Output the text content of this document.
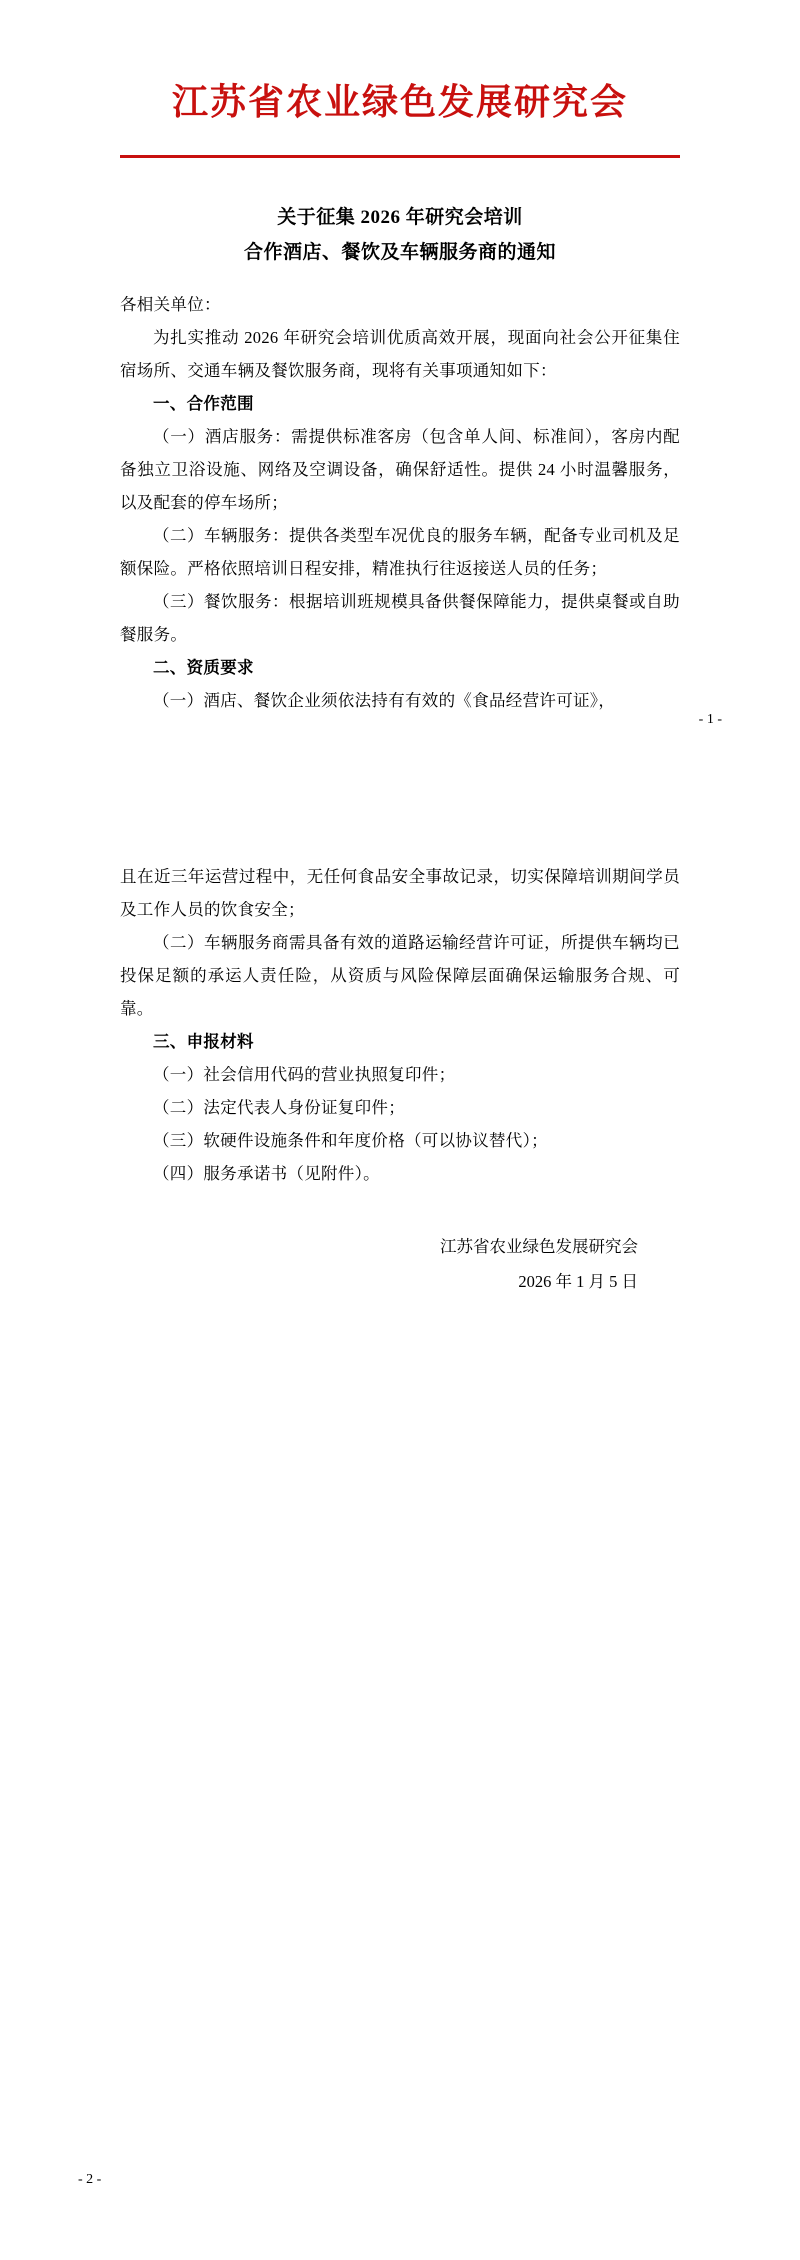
江苏省农业绿色发展研究会
关于征集 2026 年研究会培训
合作酒店、餐饮及车辆服务商的通知

各相关单位：

为扎实推动 2026 年研究会培训优质高效开展，现面向社会公开征集住宿场所、交通车辆及餐饮服务商，现将有关事项通知如下：

一、合作范围

（一）酒店服务：需提供标准客房（包含单人间、标准间），客房内配备独立卫浴设施、网络及空调设备，确保舒适性。提供 24 小时温馨服务，以及配套的停车场所；

（二）车辆服务：提供各类型车况优良的服务车辆，配备专业司机及足额保险。严格依照培训日程安排，精准执行往返接送人员的任务；

（三）餐饮服务：根据培训班规模具备供餐保障能力，提供桌餐或自助餐服务。

二、资质要求

（一）酒店、餐饮企业须依法持有有效的《食品经营许可证》，

- 1 -

且在近三年运营过程中，无任何食品安全事故记录，切实保障培训期间学员及工作人员的饮食安全；

（二）车辆服务商需具备有效的道路运输经营许可证，所提供车辆均已投保足额的承运人责任险，从资质与风险保障层面确保运输服务合规、可靠。

三、申报材料

（一）社会信用代码的营业执照复印件；

（二）法定代表人身份证复印件；

（三）软硬件设施条件和年度价格（可以协议替代）；

（四）服务承诺书（见附件）。

江苏省农业绿色发展研究会
2026 年 1 月 5 日
- 2 -
